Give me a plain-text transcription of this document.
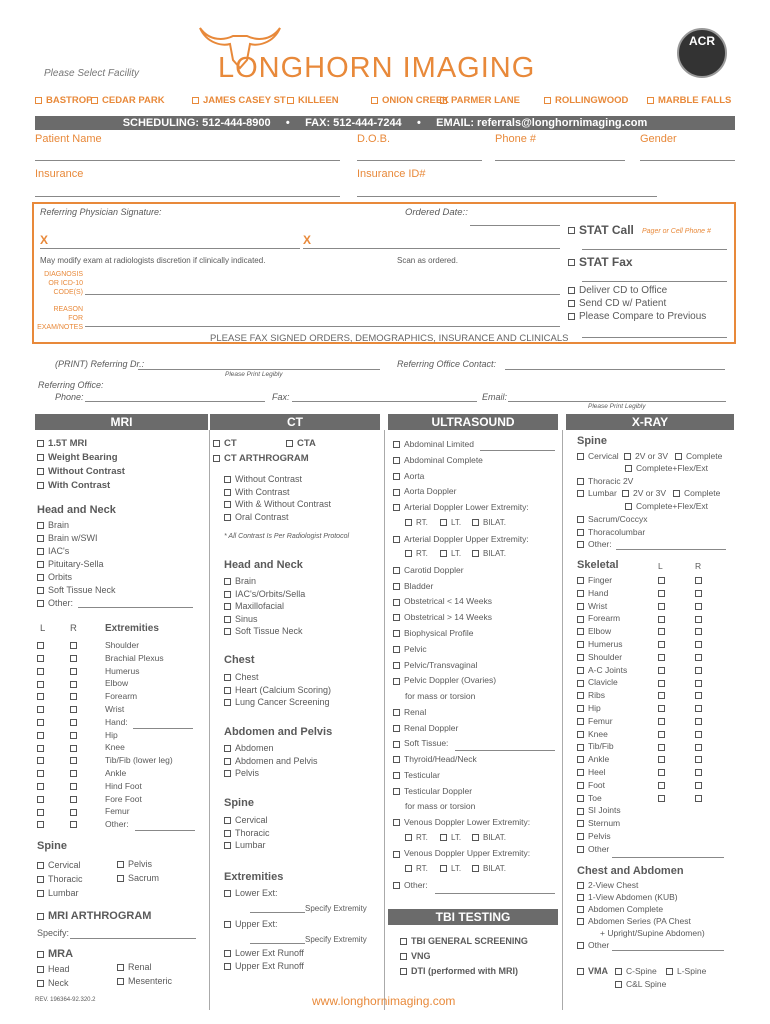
LONGHORN IMAGING
Please Select Facility
ACR
BASTROP	CEDAR PARK	JAMES CASEY ST	KILLEEN	ONION CREEK PARMER LANE	ROLLINGWOOD	MARBLE FALLS
SCHEDULING: 512-444-8900 • FAX: 512-444-7244 • EMAIL: referrals@longhornimaging.com
Patient Name	D.O.B.	Phone #	Gender
Insurance	Insurance ID#
Referring Physician Signature:	Ordered Date::
X	X
May modify exam at radiologists discretion if clinically indicated.	Scan as ordered.
DIAGNOSIS
OR ICD-10
CODE(S)
REASON
FOR
EXAM/NOTES
STAT Call Pager or Cell Phone #
STAT Fax
Deliver CD to Office
Send CD w/ Patient
Please Compare to Previous
PLEASE FAX SIGNED ORDERS, DEMOGRAPHICS, INSURANCE AND CLINICALS
(PRINT) Referring Dr.:	Referring Office Contact:
Please Print Legibly
Referring Office:
Phone:	Fax:	Email:
Please Print Legibly
MRI	CT	ULTRASOUND	X-RAY
1.5T MRI
Weight Bearing
Without Contrast
With Contrast
Head and Neck
Brain
Brain w/SWI
IAC's
Pituitary-Sella
Orbits
Soft Tissue Neck
Other:
L	R	Extremities
Shoulder
Brachial Plexus
Humerus
Elbow
Forearm
Wrist
Hand:
Hip
Knee
Tib/Fib (lower leg)
Ankle
Hind Foot
Fore Foot
Femur
Other:
Spine
Cervical
Thoracic
Lumbar
Pelvis
Sacrum
MRI ARTHROGRAM
Specify:
MRA
Head
Neck
Renal
Mesenteric
CT	CTA
CT ARTHROGRAM
Without Contrast
With Contrast
With & Without Contrast
Oral Contrast
* All Contrast Is Per Radiologist Protocol
Head and Neck
Brain
IAC's/Orbits/Sella
Maxillofacial
Sinus
Soft Tissue Neck
Chest
Chest
Heart (Calcium Scoring)
Lung Cancer Screening
Abdomen and Pelvis
Abdomen
Abdomen and Pelvis
Pelvis
Spine
Cervical
Thoracic
Lumbar
Extremities
Lower Ext:
Specify Extremity
Upper Ext:
Specify Extremity
Lower Ext Runoff
Upper Ext Runoff
Abdominal Limited
Abdominal Complete
Aorta
Aorta Doppler
Arterial Doppler Lower Extremity:
RT.	LT.	BILAT.
Arterial Doppler Upper Extremity:
RT.	LT.	BILAT.
Carotid Doppler
Bladder
Obstetrical < 14 Weeks
Obstetrical > 14 Weeks
Biophysical Profile
Pelvic
Pelvic/Transvaginal
Pelvic Doppler (Ovaries)
for mass or torsion
Renal
Renal Doppler
Soft Tissue:
Thyroid/Head/Neck
Testicular
Testicular Doppler
for mass or torsion
Venous Doppler Lower Extremity:
RT.	LT.	BILAT.
Venous Doppler Upper Extremity:
RT.	LT.	BILAT.
Other:
TBI TESTING
TBI GENERAL SCREENING
VNG
DTI (performed with MRI)
Spine
Cervical	2V or 3V	Complete
Complete+Flex/Ext
Thoracic 2V
Lumbar	2V or 3V	Complete
Complete+Flex/Ext
Sacrum/Coccyx
Thoracolumbar
Other:
Skeletal	L	R
Finger
Hand
Wrist
Forearm
Elbow
Humerus
Shoulder
A-C Joints
Clavicle
Ribs
Hip
Femur
Knee
Tib/Fib
Ankle
Heel
Foot
Toe
SI Joints
Sternum
Pelvis
Other
Chest and Abdomen
2-View Chest
1-View Abdomen (KUB)
Abdomen Complete
Abdomen Series (PA Chest
+ Upright/Supine Abdomen)
Other
VMA	C-Spine	L-Spine
C&L Spine
REV. 196364-92.320.2	www.longhornimaging.com
